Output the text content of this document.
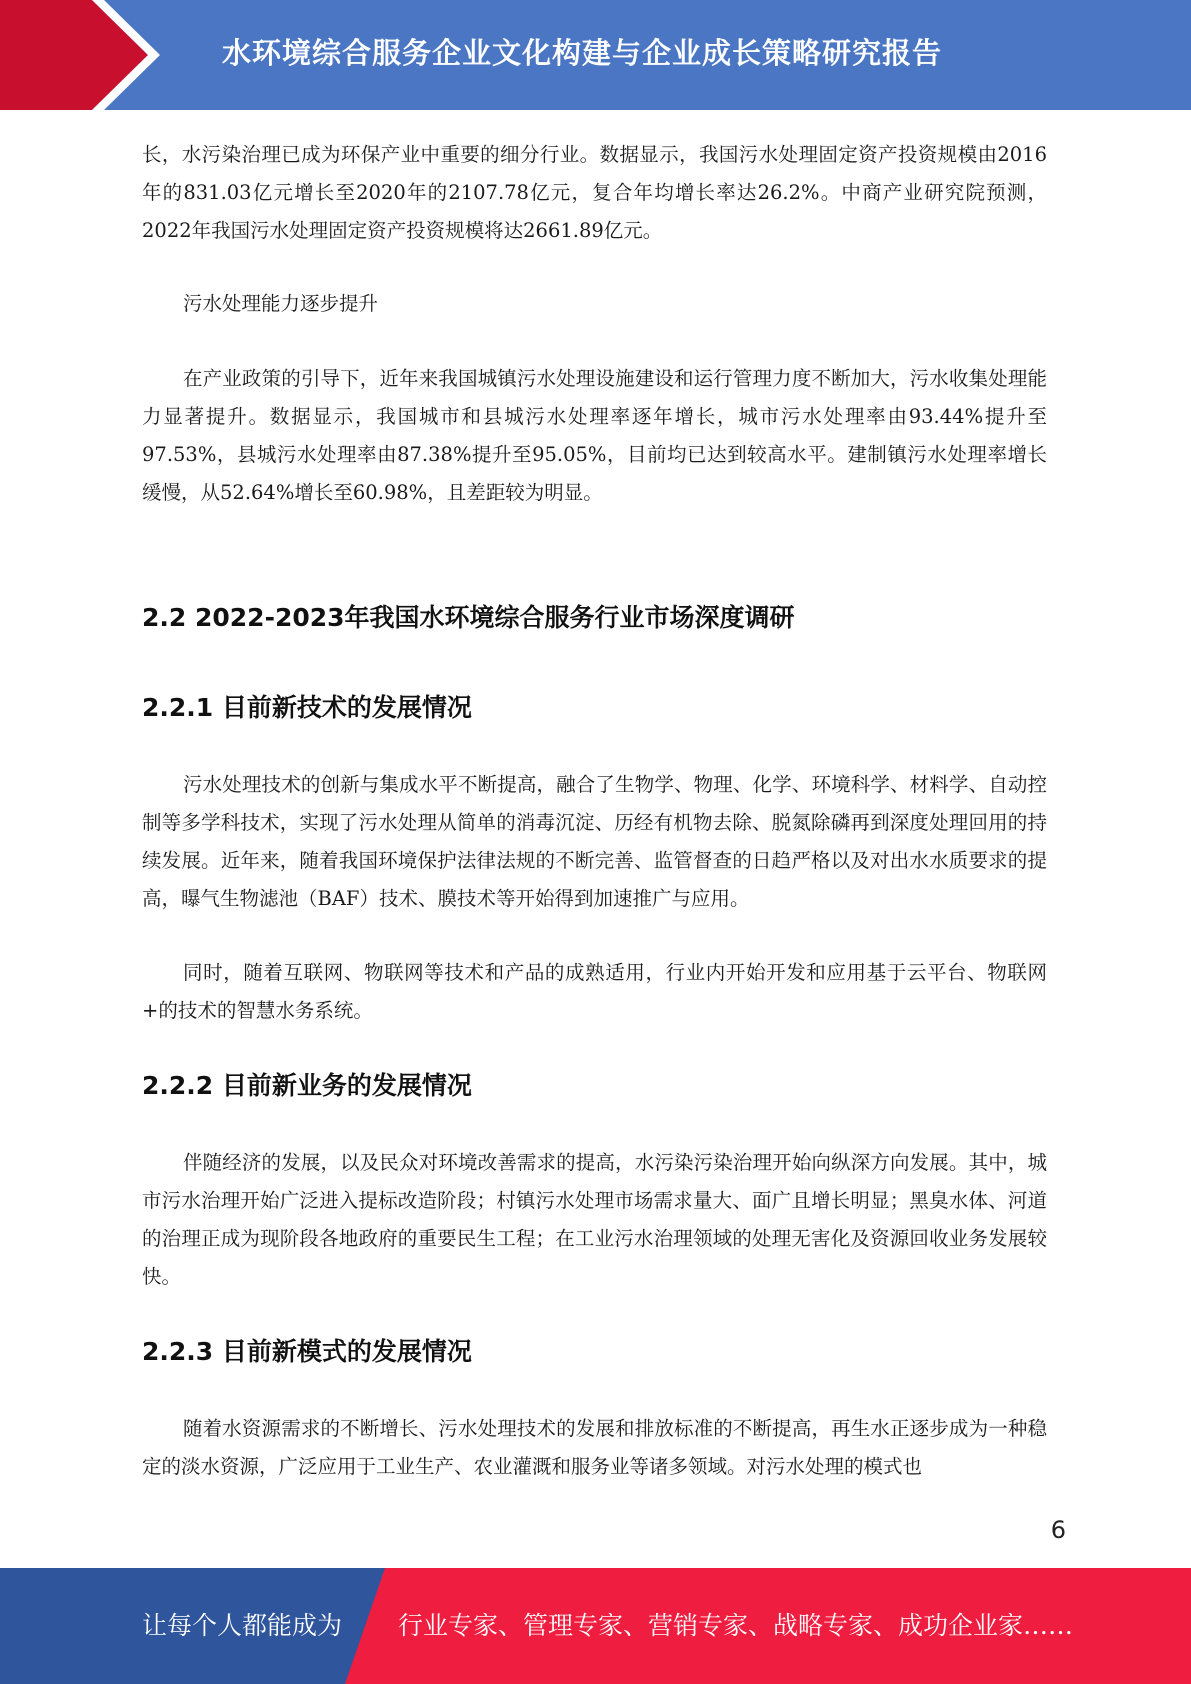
水环境综合服务企业文化构建与企业成长策略研究报告

长，水污染治理已成为环保产业中重要的细分行业。数据显示，我国污水处理固定资产投资规模由2016年的831.03亿元增长至2020年的2107.78亿元，复合年均增长率达26.2%。中商产业研究院预测，2022年我国污水处理固定资产投资规模将达2661.89亿元。

污水处理能力逐步提升

在产业政策的引导下，近年来我国城镇污水处理设施建设和运行管理力度不断加大，污水收集处理能力显著提升。数据显示，我国城市和县城污水处理率逐年增长，城市污水处理率由93.44%提升至97.53%，县城污水处理率由87.38%提升至95.05%，目前均已达到较高水平。建制镇污水处理率增长缓慢，从52.64%增长至60.98%，且差距较为明显。

2.2 2022-2023年我国水环境综合服务行业市场深度调研
2.2.1 目前新技术的发展情况

污水处理技术的创新与集成水平不断提高，融合了生物学、物理、化学、环境科学、材料学、自动控制等多学科技术，实现了污水处理从简单的消毒沉淀、历经有机物去除、脱氮除磷再到深度处理回用的持续发展。近年来，随着我国环境保护法律法规的不断完善、监管督查的日趋严格以及对出水水质要求的提高，曝气生物滤池（BAF）技术、膜技术等开始得到加速推广与应用。

同时，随着互联网、物联网等技术和产品的成熟适用，行业内开始开发和应用基于云平台、物联网+的技术的智慧水务系统。

2.2.2 目前新业务的发展情况

伴随经济的发展，以及民众对环境改善需求的提高，水污染污染治理开始向纵深方向发展。其中，城市污水治理开始广泛进入提标改造阶段；村镇污水处理市场需求量大、面广且增长明显；黑臭水体、河道的治理正成为现阶段各地政府的重要民生工程；在工业污水治理领域的处理无害化及资源回收业务发展较快。

2.2.3 目前新模式的发展情况

随着水资源需求的不断增长、污水处理技术的发展和排放标准的不断提高，再生水正逐步成为一种稳定的淡水资源，广泛应用于工业生产、农业灌溉和服务业等诸多领域。对污水处理的模式也

6
让每个人都能成为 行业专家、管理专家、营销专家、战略专家、成功企业家……
